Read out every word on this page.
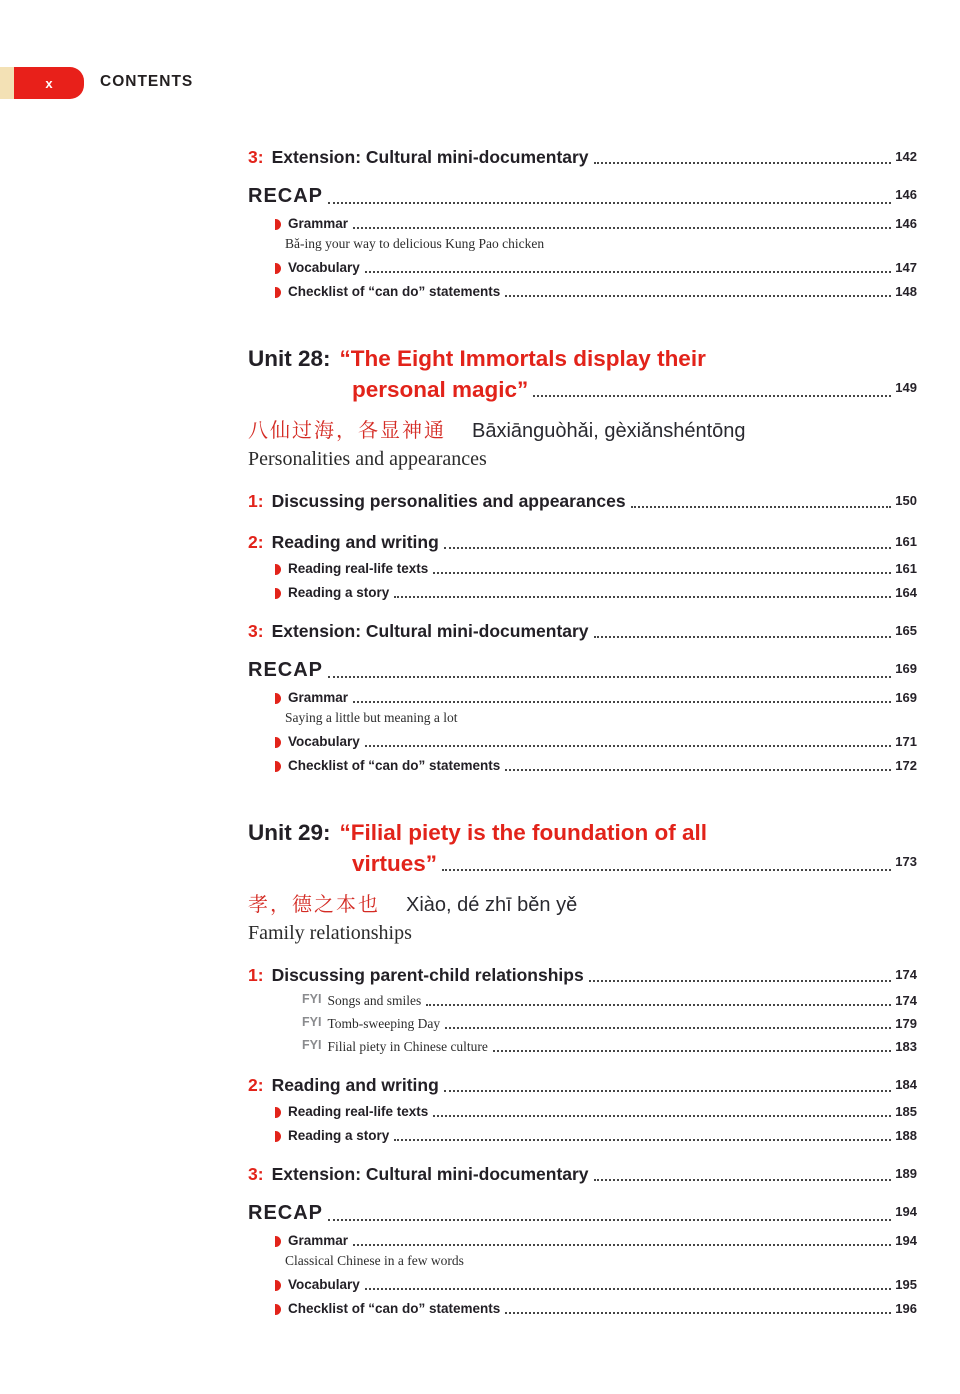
x	CONTENTS
3: Extension: Cultural mini-documentary	142
RECAP	146
Grammar	146
Bǎ-ing your way to delicious Kung Pao chicken
Vocabulary	147
Checklist of “can do” statements	148
Unit 28: “The Eight Immortals display their
personal magic”	149
八仙过海，各显神通 Bāxiānguòhǎi, gèxiǎnshéntōng
Personalities and appearances
1: Discussing personalities and appearances	150
2: Reading and writing	161
Reading real-life texts	161
Reading a story	164
3: Extension: Cultural mini-documentary	165
RECAP	169
Grammar	169
Saying a little but meaning a lot
Vocabulary	171
Checklist of “can do” statements	172
Unit 29: “Filial piety is the foundation of all
virtues”	173
孝，德之本也 Xiào, dé zhī běn yě
Family relationships
1: Discussing parent-child relationships	174
FYI Songs and smiles	174
FYI Tomb-sweeping Day	179
FYI Filial piety in Chinese culture	183
2: Reading and writing	184
Reading real-life texts	185
Reading a story	188
3: Extension: Cultural mini-documentary	189
RECAP	194
Grammar	194
Classical Chinese in a few words
Vocabulary	195
Checklist of “can do” statements	196
